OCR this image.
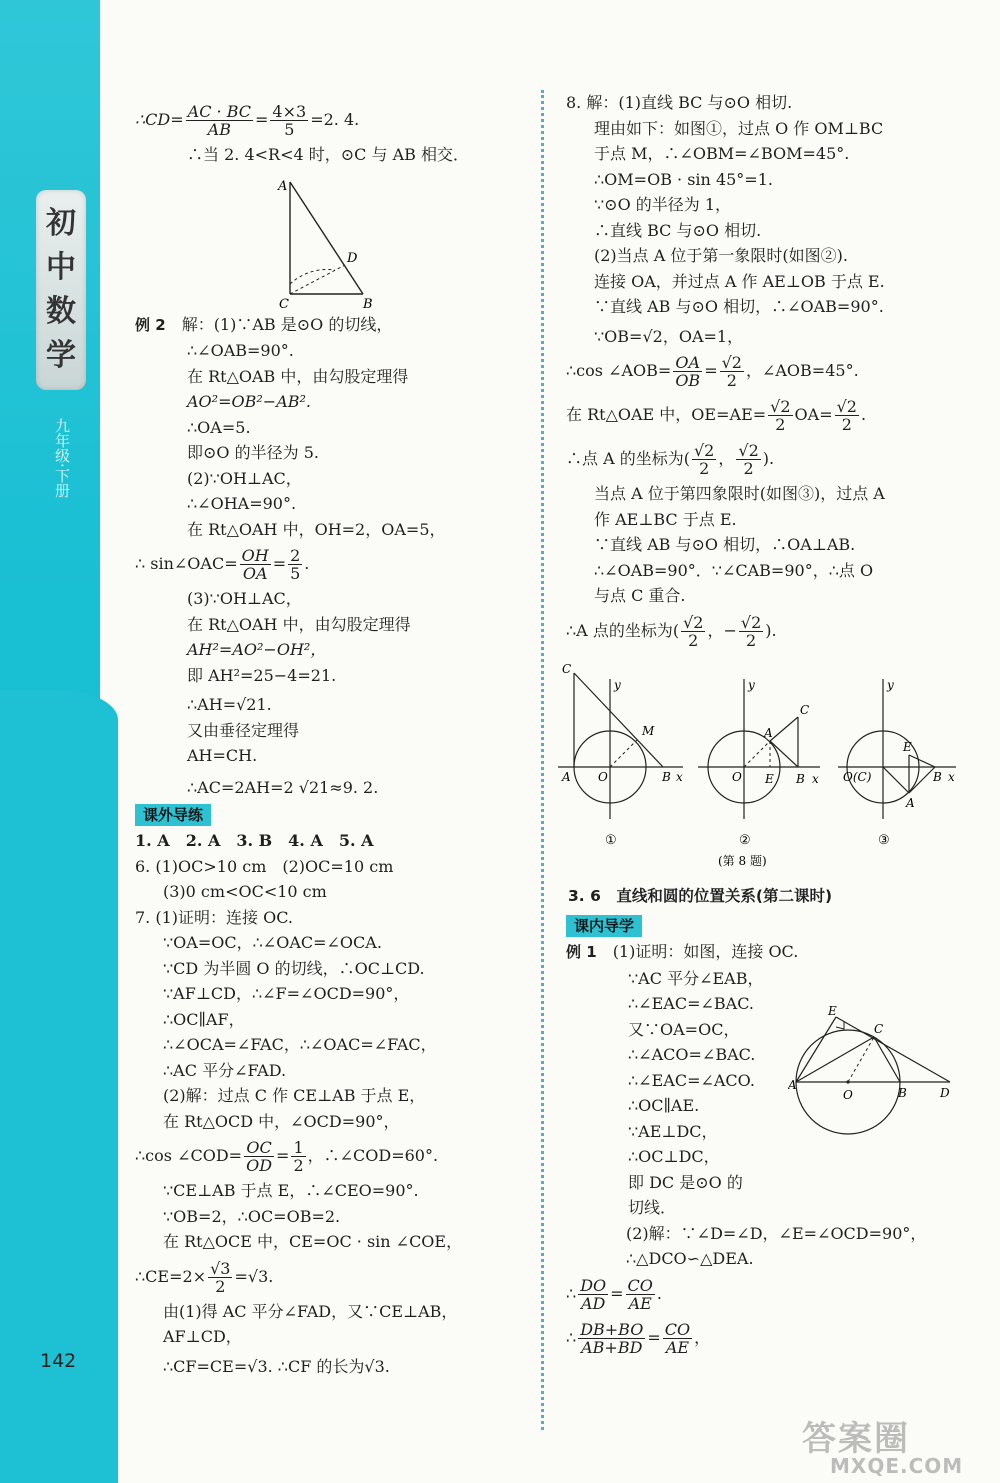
初
中
数
学
九年级·下册
142
∴CD= $\frac{AC \cdot BC}{AB} = \frac{4\times 3}{5} =2$. 4.
∴当 2. 4<R<4 时，⊙C 与 AB 相交．
A
D
C	B
例 2　 解：(1)∵AB 是⊙O 的切线，
∴∠OAB=90°.
在 Rt△OAB 中，由勾股定理得
AO²=OB²−AB².
∴OA=5.
即⊙O 的半径为 5.
(2)∵OH⊥AC，
∴∠OHA=90°.
在 Rt△OAH 中，OH=2，OA=5，
∴ sin∠OAC= $\frac{OH}{OA} = \frac{2}{5}$ .
(3)∵OH⊥AC，
在 Rt△OAH 中，由勾股定理得
AH²=AO²−OH²，
即 AH²=25−4=21.
∴AH=√21.
又由垂径定理得
AH=CH.
∴AC=2AH=2 √21≈9. 2.
课外导练
1. A　2. A　3. B　4. A　5. A
6. (1)OC>10 cm　(2)OC=10 cm
(3)0 cm<OC<10 cm
7. (1)证明：连接 OC.
∵OA=OC，∴∠OAC=∠OCA.
∵CD 为半圆 O 的切线，∴OC⊥CD.
∵AF⊥CD，∴∠F=∠OCD=90°，
∴OC∥AF，
∴∠OCA=∠FAC，∴∠OAC=∠FAC，
∴AC 平分∠FAD.
(2)解：过点 C 作 CE⊥AB 于点 E，
在 Rt△OCD 中，∠OCD=90°，
∴cos ∠COD= $\frac{OC}{OD} = \frac{1}{2}$ ，∴∠COD=60°.
∵CE⊥AB 于点 E，∴∠CEO=90°.
∵OB=2，∴OC=OB=2.
在 Rt△OCE 中，CE=OC · sin ∠COE，
∴CE=2× $\frac{√3}{2} =√3$.
由(1)得 AC 平分∠FAD，又∵CE⊥AB，
AF⊥CD，
∴CF=CE=√3. ∴CF 的长为√3.
8. 解：(1)直线 BC 与⊙O 相切.
理由如下：如图①，过点 O 作 OM⊥BC
于点 M，∴∠OBM=∠BOM=45°.
∴OM=OB · sin 45°=1.
∵⊙O 的半径为 1，
∴直线 BC 与⊙O 相切.
(2)当点 A 位于第一象限时(如图②).
连接 OA，并过点 A 作 AE⊥OB 于点 E.
∵直线 AB 与⊙O 相切，∴∠OAB=90°.
∵OB=√2，OA=1，
∴cos ∠AOB= $\frac{OA}{OB} = \frac{√2}{2}$ ，∠AOB=45°.
在 Rt△OAE 中，$OE=AE= \frac{√2}{2} OA= \frac{√2}{2}$ .
∴点 A 的坐标为( $\frac{√2}{2}$ ， $\frac{√2}{2}$ ).
当点 A 位于第四象限时(如图③)，过点 A
作 AE⊥BC 于点 E.
∵直线 AB 与⊙O 相切，∴OA⊥AB.
∴∠OAB=90°．∵∠CAB=90°，∴点 O
与点 C 重合.
∴A 点的坐标为( $\frac{√2}{2}$ ，− $\frac{√2}{2}$ ).
C
y
M
A O	B x
①
y
C
A
O E B x
②
y
E
O(C)	B x
A
③
(第 8 题)
3. 6　直线和圆的位置关系(第二课时)
课内导学
例 1　 (1)证明：如图，连接 OC.
∵AC 平分∠EAB，
∴∠EAC=∠BAC.
又∵OA=OC，
∴∠ACO=∠BAC.
∴∠EAC=∠ACO.
∴OC∥AE.
∵AE⊥DC，
∴OC⊥DC，
即 DC 是⊙O 的
切线．
(2)解：∵∠D=∠D，∠E=∠OCD=90°，
∴△DCO∽△DEA.
∴ $\frac{DO}{AD} = \frac{CO}{AE}$ .
∴ $\frac{DB+BO}{AB+BD} = \frac{CO}{AE}$ ，
E
C
A
O	B	D
答案圈
MXQE.COM
